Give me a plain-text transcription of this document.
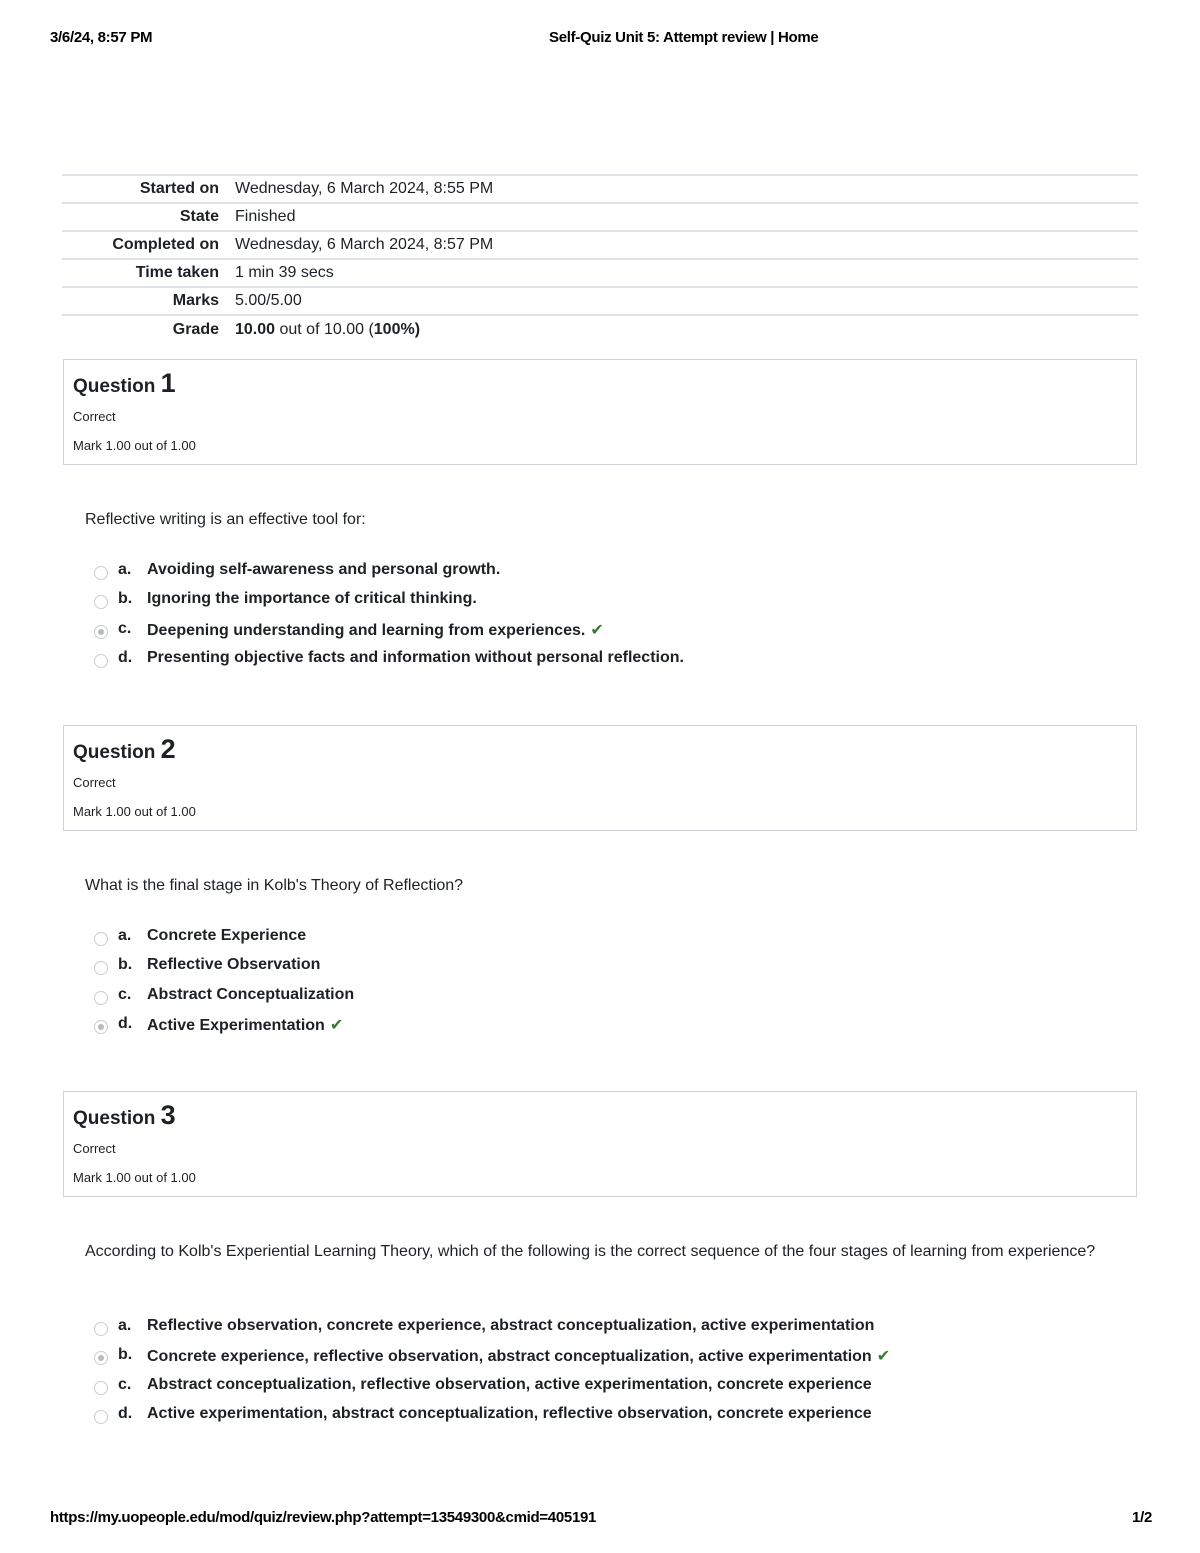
3/6/24, 8:57 PM	Self-Quiz Unit 5: Attempt review | Home
Started on	Wednesday, 6 March 2024, 8:55 PM
State	Finished
Completed on	Wednesday, 6 March 2024, 8:57 PM
Time taken	1 min 39 secs
Marks	5.00/5.00
Grade	10.00 out of 10.00 (100%)
Question 1
Correct
Mark 1.00 out of 1.00
Reflective writing is an effective tool for:
a. Avoiding self-awareness and personal growth.
b. Ignoring the importance of critical thinking.
c. Deepening understanding and learning from experiences. ✔
d. Presenting objective facts and information without personal reflection.
Question 2
Correct
Mark 1.00 out of 1.00
What is the final stage in Kolb's Theory of Reflection?
a. Concrete Experience
b. Reflective Observation
c. Abstract Conceptualization
d. Active Experimentation ✔
Question 3
Correct
Mark 1.00 out of 1.00
According to Kolb's Experiential Learning Theory, which of the following is the correct sequence of the four stages of learning from experience?
a. Reflective observation, concrete experience, abstract conceptualization, active experimentation
b. Concrete experience, reflective observation, abstract conceptualization, active experimentation ✔
c. Abstract conceptualization, reflective observation, active experimentation, concrete experience
d. Active experimentation, abstract conceptualization, reflective observation, concrete experience
https://my.uopeople.edu/mod/quiz/review.php?attempt=13549300&cmid=405191	1/2
